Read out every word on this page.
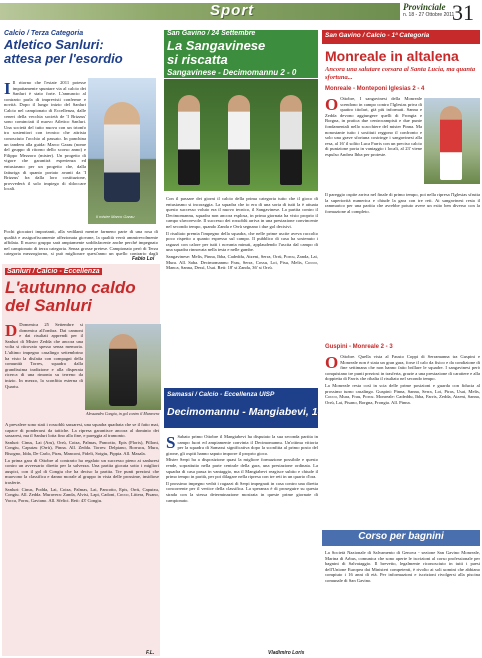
Sport	Provinciale
n. 18 - 27 Ottobre 2011
31
Calcio / Terza Categoria
Atletico Sanluri:
attesa per l'esordio

I Il ritorno che l'estate 2011 potesse impattamente spuntare via al calcio dei Sanluri è stato forte. L'annuncio al contrario parla di imprevisti conferme e novità. Dopo il lungo inizio del Sanluri Calcio nel campionato di Eccellenza, dalle ceneri della vecchia società de 'I Brizzus' sono cominciati il nuovo Atletico Sanluri. Una società del tutto nuova con un trionfo tra sostenitori con tecnico che attrista conosciuto l'occhio al passato. In panchina un tandem alla guida: Marco Garau (nome del gruppo di ritorno dello scorso anno) e Filippo Mezzoro (mister). Un progetto di vigore che garantirà esperienza ed entusiasmo per un progetto che, dalla fatturiga di quanto portato avanti da 'I Brizzus' fra dalla loro costituzione, provvederà il solo impiego di sbloccare locali.

Il mister Marco Garau

Pochi giocatori importanti, alla vedilanti mentre farmeno parte di una rosa di qualità e assigurfiscamente affezionata giovane, la qualità verrà ammirevolmente affidata. Il nuovo gruppo sarà ampiamente soddisfacente anche perché impegnato nel campionato di terza categoria. Senza grosse pretese. Campionato però di Terza categoria mezzogiorno, si può migliorare quest'anno un quello contrario dagli

Fabio Loi
Sanluri / Calcio - Eccellenza
L'autunno caldo
del Sanluri

D Domenica 25 Settembre si domenica all'ombra. Dai cannoni e dai risultati apprendi per il Sanluri di Mister Zedda che ancora una volta si ritrovato spesso senza memoria. L'ultimo impegno casalingo settembrino ha visto la disfatta con compagni della comunità Torres, squadra dalla grandissima tradizione e alla disperata ricerca di una rimonta su terreno da inizio. In mezzo, la sconfitta esterna di Quartu.

Alessandro Congiu, in gol contro il Muravera

A prevalere sono stati i rossoblù sassaresi, una squadra quadrata che se il fatto mai, capace di ponderarsi da tattiche. La ripresa garantisce ancora al dominio dei sassaresi, ma il Sanluri lotta fino alla fine, e pareggia al tramonto.

Sanluri: Cinus, Lai (Aru), Orrù, Coiza, Palmas, Pancotto, Epis (Floris), Pilloni, Congiu, Caputzu (Orrù), Pinna. All. Zedda. Torres: Delpiano, Borrucu, Mura, Bisogno, Idda, De Carlo, Piras, Manconi, Fideli, Sotgiu, Pippia. All. Masala.

La prima gara di Ottobre al contrario ha regalato un successo pieno ai sanluresi contro un avversario diretto per la salvezza. Una partita giocata sotto i migliori auspici, con il gol di Congiu che ha deciso la partita. Tre punti preziosi che muovono la classifica e danno morale al gruppo in vista delle prossime, insidiose trasferte.

Sanluri: Cinus, Podda, Lai, Coiza, Palmas, Lai, Pancotto, Epis, Orrù, Caputzu, Congiu. All. Zedda. Muravera: Zanda, Alvisi, Lapi, Cadoni, Cocco, Littera, Pisano, Vacca, Porru, Gaviano. All. Sfelici. Reti: 43' Congiu.

F.L.
San Gavino / 24 Settembre
La Sangavinese
si riscatta
Sangavinese - Decimomannu 2 - 0

Con il passare dei giorni il calcio della prima categoria tutto che il gioco di entusiasmo si incoraggia. La squadra che io era di una sorta di tutti la è attuata questo successo voluto era il nuovo tecnico, il Sangavinese. La partita contro il Decimomannu, squadra non ancora esplosa, in prima giornata ha visto proprio il campo sfavorevole. Il successo dei rossoblù arriva in una prestazione convincente nel secondo tempo, quando Zanda e Orrù segnano i due gol decisivi.

Il risultato premia l'impegno della squadra, che nelle prime uscite aveva raccolto poco rispetto a quanto espresso sul campo. Il pubblico di casa ha sostenuto i ragazzi con calore per tutti i novanta minuti, applaudendo l'uscita dal campo di una squadra rinnovata nella testa e nelle gambe.

Sangavinese: Melis, Pinna, Ibba, Cadeddu, Atzeni, Serra, Orrù, Porcu, Zanda, Lai, Mura. All. Saba. Decimomannu: Frau, Serra, Cossu, Loi, Pisu, Melis, Cocco, Manca, Sanna, Dessì, Usai. Reti: 18' st Zanda, 36' st Orrù.

Samassi / Calcio - Eccellenza UISP
Decimomannu - Mangiabevi, 1-4

S Sabato primo Ottobre il Mangiabevi ha disputato la sua seconda partita in campo fuori ed ampiamente convinta il Decimomannu. Un'ottima vittoria per la squadra di Samassi significativa dopo la sconfitta al primo posto del girone, gli ospiti hanno saputo imporre il proprio gioco.

Mister Serpi ha a disposizione quasi la migliore formazione possibile e questo rende, soprattutto nella parte centrale della gara, una prestazione ordinata. La squadra di casa passa in vantaggio, ma il Mangiabevi reagisce subito e chiude il primo tempo in parità, per poi dilagare nella ripresa con tre reti in un quarto d'ora.

Il prossimo impegno vedrà i ragazzi di Serpi impegnati in casa contro una diretta concorrente per il vertice della classifica. La speranza è di proseguire su questa strada con la stessa determinazione mostrata in queste prime giornate di campionato.

Vladimiro Loris
San Gavino / Calcio - 1ª Categoria
Monreale in altalena
Ancora una salutare corsara al Santa Lucia, ma quanta sfortuna...
Monreale - Monteponi Iglesias 2 - 4

O Ottobre, I sangavinesi della Monreale scendono in campo contro l'Iglesias priva di quattro titolari, già più informati. Sanna e Zedda devono aggiungere quelli di Frongia e Borgna, in pratica due centrocampisti e due punte fondamentali nello scacchiere del mister Pinna. Ma nonostante tutto i sostituti reggono il confronto e solo una grave sfortuna costringe i sangavinesi alla resa, al 16' il solito Luca Farris con un preciso calcio di punizione porta in vantaggio i locali, al 23' viene espulso Andrea Ibba per proteste.

Il pareggio ospite arriva nel finale di primo tempo, poi nella ripresa l'Iglesias sfrutta la superiorità numerica e chiude la gara con tre reti. Ai sangavinesi resta il rammarico per una partita che avrebbe potuto avere un esito ben diverso con la formazione al completo.

Guspini - Monreale 2 - 3

O Ottobre. Quella vista al Fausto Coppi di Serramanna tra Guspini e Monreale non è stata un gran gara, forse il calo da fisico e da condizione di fine settimana che non hanno fatto brillare le squadre. I sangavinesi però conquistano tre punti preziosi in trasferta, grazie a una prestazione di carattere e alla doppietta di Farris che ribalta il risultato nel secondo tempo.

La Monreale resta così in scia delle prime posizioni e guarda con fiducia al prossimo turno casalingo. Guspini: Pinna, Sanna, Serra, Loi, Piras, Usai, Melis, Cocco, Mura, Frau, Porcu. Monreale: Cadeddu, Ibba, Farris, Zedda, Atzeni, Sanna, Orrù, Lai, Pisano, Borgna, Frongia. All. Pinna.

Corso per bagnini

La Società Nazionale di Salvamento di Genova - sezione San Gavino Monreale, Marina di Arbus, comunica che sono aperte le iscrizioni al corso professionale per bagnini di Salvataggio. Il brevetto, legalmente riconosciuto in tutti i paesi dell'Unione Europea dai Ministeri competenti, è rivolto ai soli uomini che abbiano compiuto i 16 anni di età. Per informazioni e iscrizioni rivolgersi alla piscina comunale di San Gavino.
